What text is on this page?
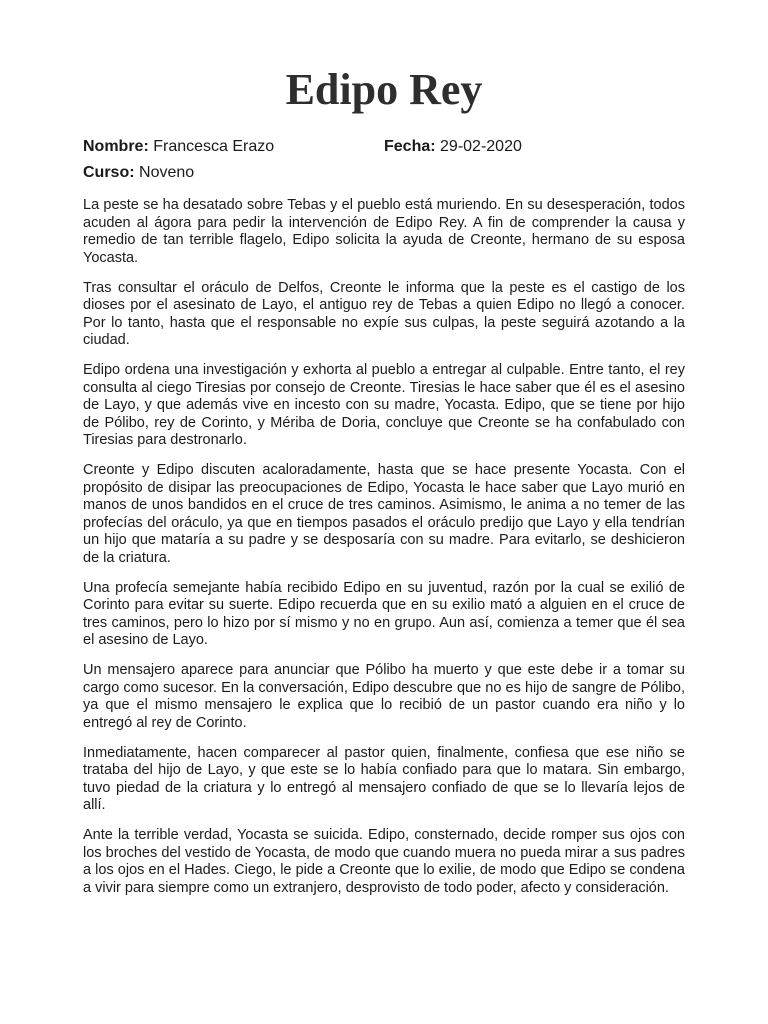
Edipo Rey
Nombre: Francesca Erazo	Fecha: 29-02-2020
Curso: Noveno

La peste se ha desatado sobre Tebas y el pueblo está muriendo. En su desesperación, todos acuden al ágora para pedir la intervención de Edipo Rey. A fin de comprender la causa y remedio de tan terrible flagelo, Edipo solicita la ayuda de Creonte, hermano de su esposa Yocasta.

Tras consultar el oráculo de Delfos, Creonte le informa que la peste es el castigo de los dioses por el asesinato de Layo, el antiguo rey de Tebas a quien Edipo no llegó a conocer. Por lo tanto, hasta que el responsable no expíe sus culpas, la peste seguirá azotando a la ciudad.

Edipo ordena una investigación y exhorta al pueblo a entregar al culpable. Entre tanto, el rey consulta al ciego Tiresias por consejo de Creonte. Tiresias le hace saber que él es el asesino de Layo, y que además vive en incesto con su madre, Yocasta. Edipo, que se tiene por hijo de Pólibo, rey de Corinto, y Mériba de Doria, concluye que Creonte se ha confabulado con Tiresias para destronarlo.

Creonte y Edipo discuten acaloradamente, hasta que se hace presente Yocasta. Con el propósito de disipar las preocupaciones de Edipo, Yocasta le hace saber que Layo murió en manos de unos bandidos en el cruce de tres caminos. Asimismo, le anima a no temer de las profecías del oráculo, ya que en tiempos pasados el oráculo predijo que Layo y ella tendrían un hijo que mataría a su padre y se desposaría con su madre. Para evitarlo, se deshicieron de la criatura.

Una profecía semejante había recibido Edipo en su juventud, razón por la cual se exilió de Corinto para evitar su suerte. Edipo recuerda que en su exilio mató a alguien en el cruce de tres caminos, pero lo hizo por sí mismo y no en grupo. Aun así, comienza a temer que él sea el asesino de Layo.

Un mensajero aparece para anunciar que Pólibo ha muerto y que este debe ir a tomar su cargo como sucesor. En la conversación, Edipo descubre que no es hijo de sangre de Pólibo, ya que el mismo mensajero le explica que lo recibió de un pastor cuando era niño y lo entregó al rey de Corinto.

Inmediatamente, hacen comparecer al pastor quien, finalmente, confiesa que ese niño se trataba del hijo de Layo, y que este se lo había confiado para que lo matara. Sin embargo, tuvo piedad de la criatura y lo entregó al mensajero confiado de que se lo llevaría lejos de allí.

Ante la terrible verdad, Yocasta se suicida. Edipo, consternado, decide romper sus ojos con los broches del vestido de Yocasta, de modo que cuando muera no pueda mirar a sus padres a los ojos en el Hades. Ciego, le pide a Creonte que lo exilie, de modo que Edipo se condena a vivir para siempre como un extranjero, desprovisto de todo poder, afecto y consideración.
